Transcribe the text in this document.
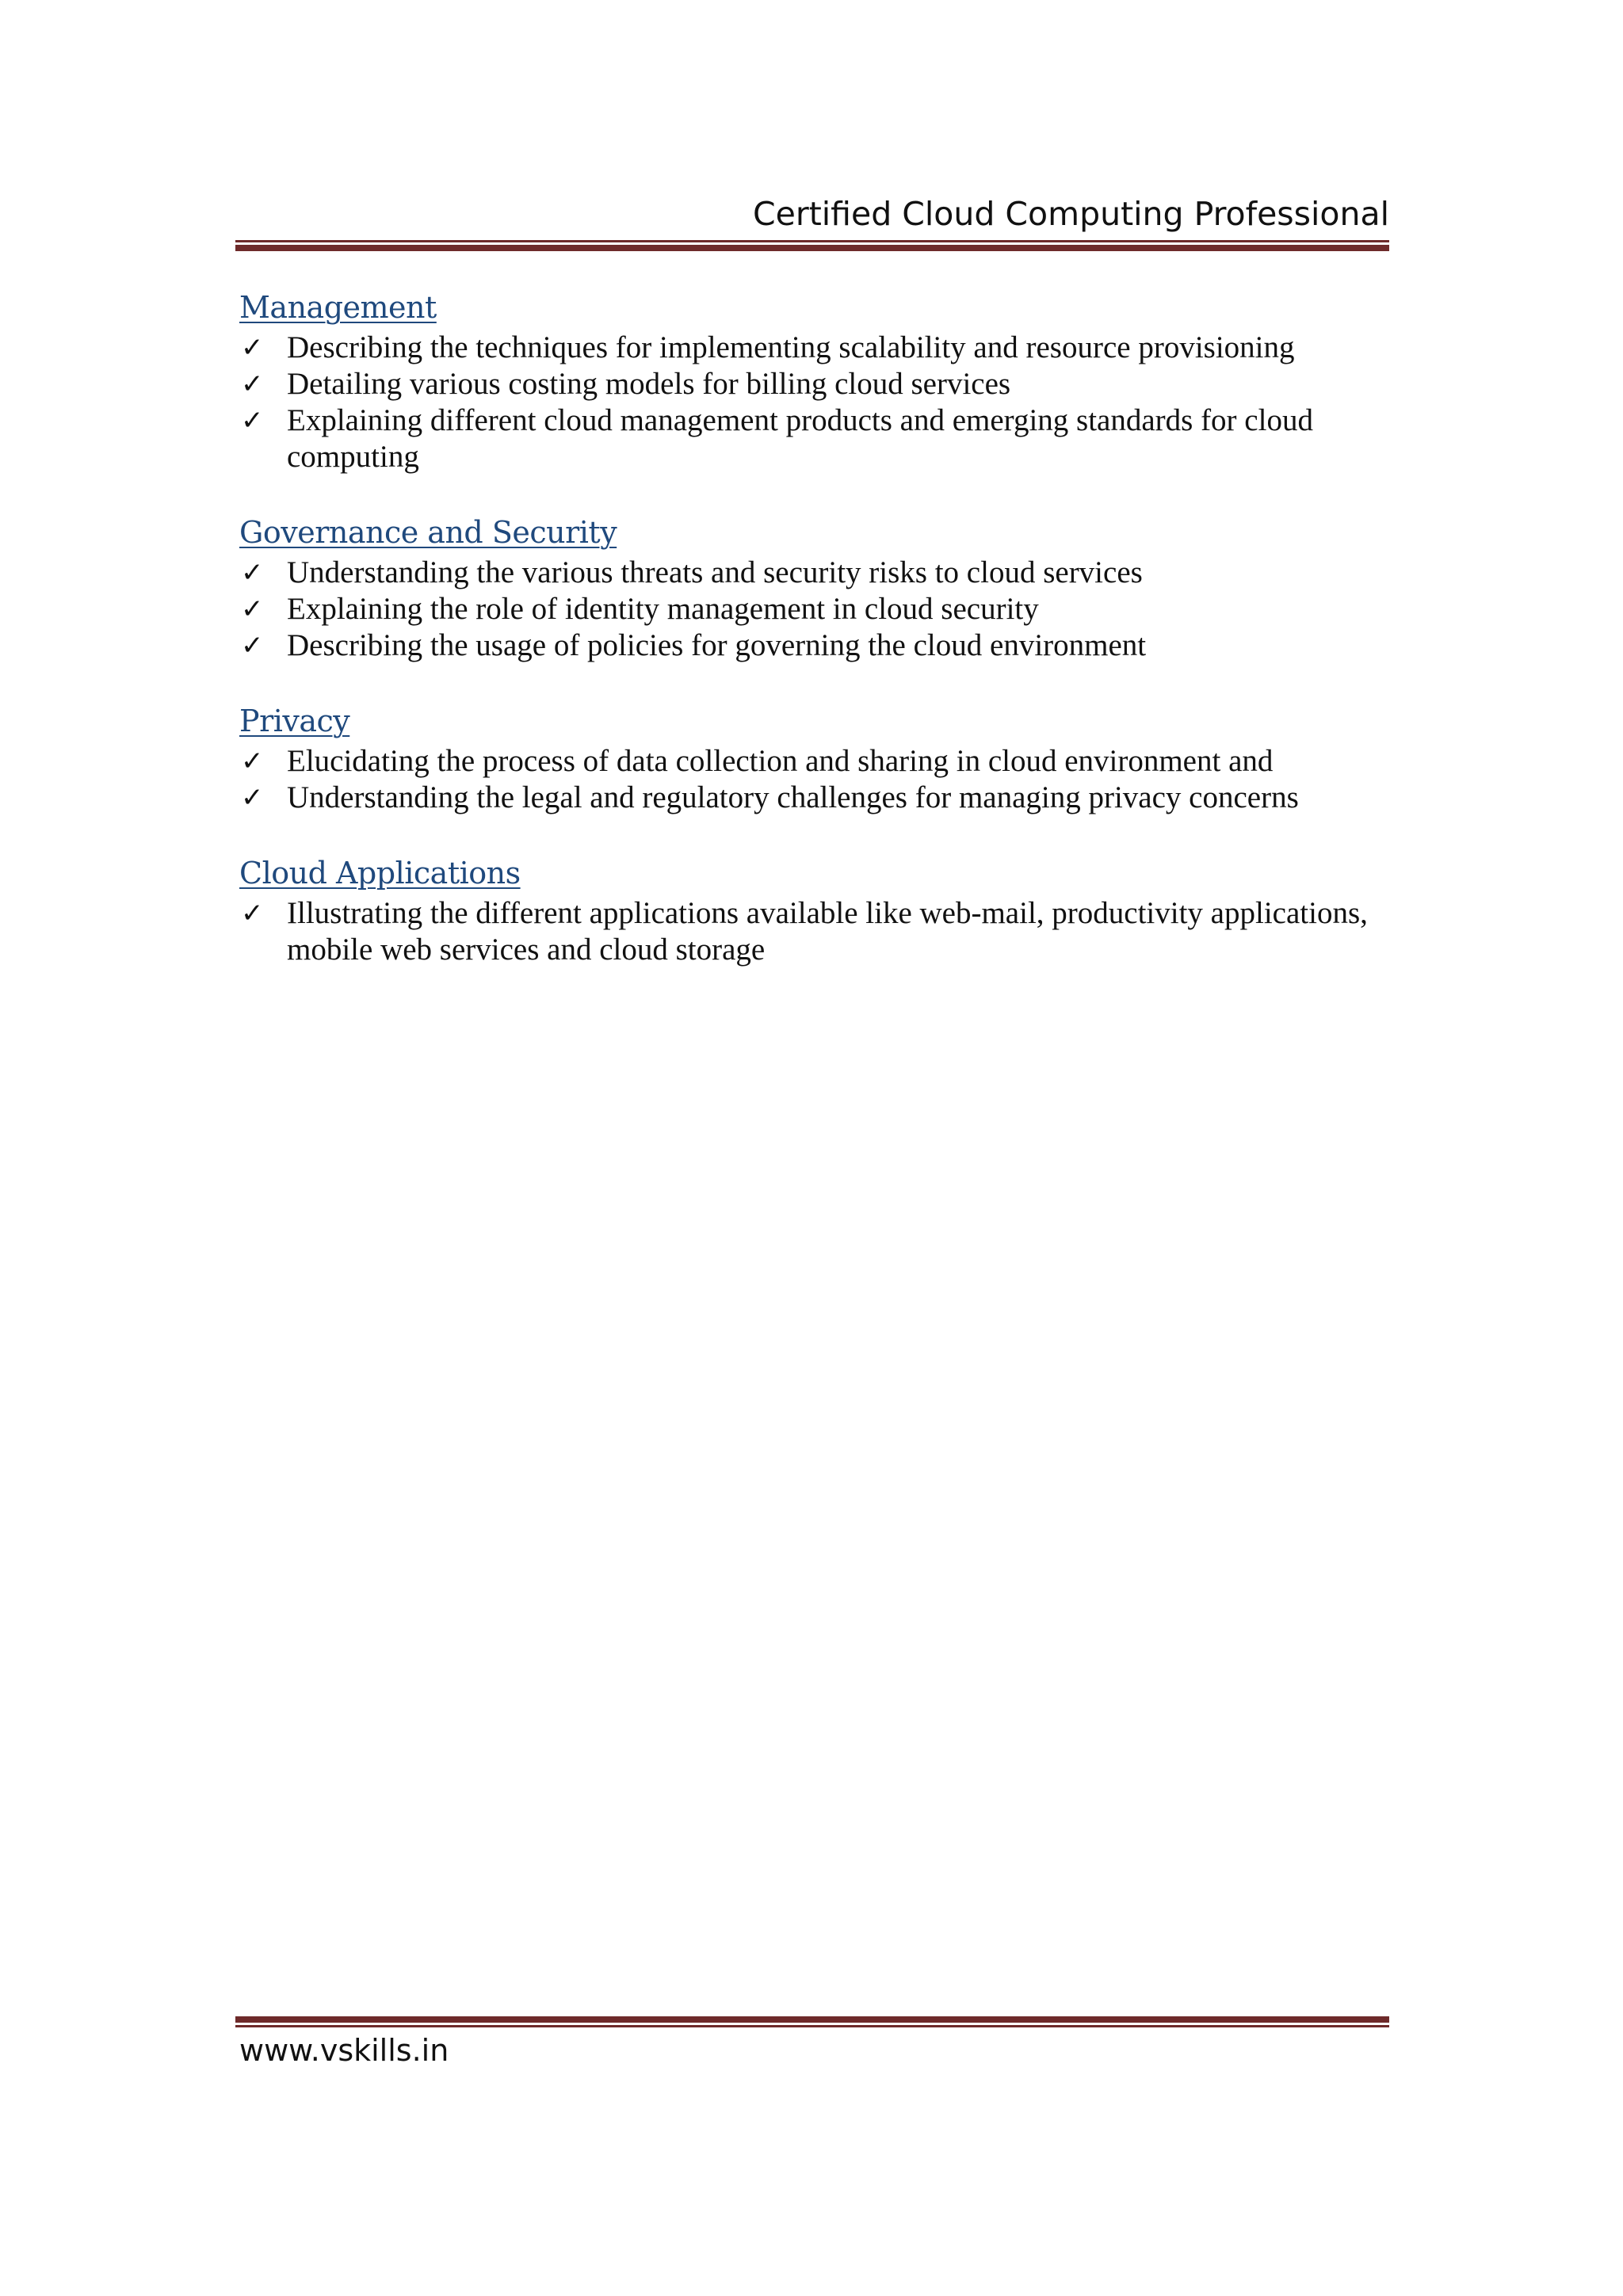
Certified Cloud Computing Professional
Management
✓ Describing the techniques for implementing scalability and resource provisioning
✓ Detailing various costing models for billing cloud services
✓ Explaining different cloud management products and emerging standards for cloud computing
Governance and Security
✓ Understanding the various threats and security risks to cloud services
✓ Explaining the role of identity management in cloud security
✓ Describing the usage of policies for governing the cloud environment
Privacy
✓ Elucidating the process of data collection and sharing in cloud environment and
✓ Understanding the legal and regulatory challenges for managing privacy concerns
Cloud Applications
✓ Illustrating the different applications available like web-mail, productivity applications, mobile web services and cloud storage
www.vskills.in
